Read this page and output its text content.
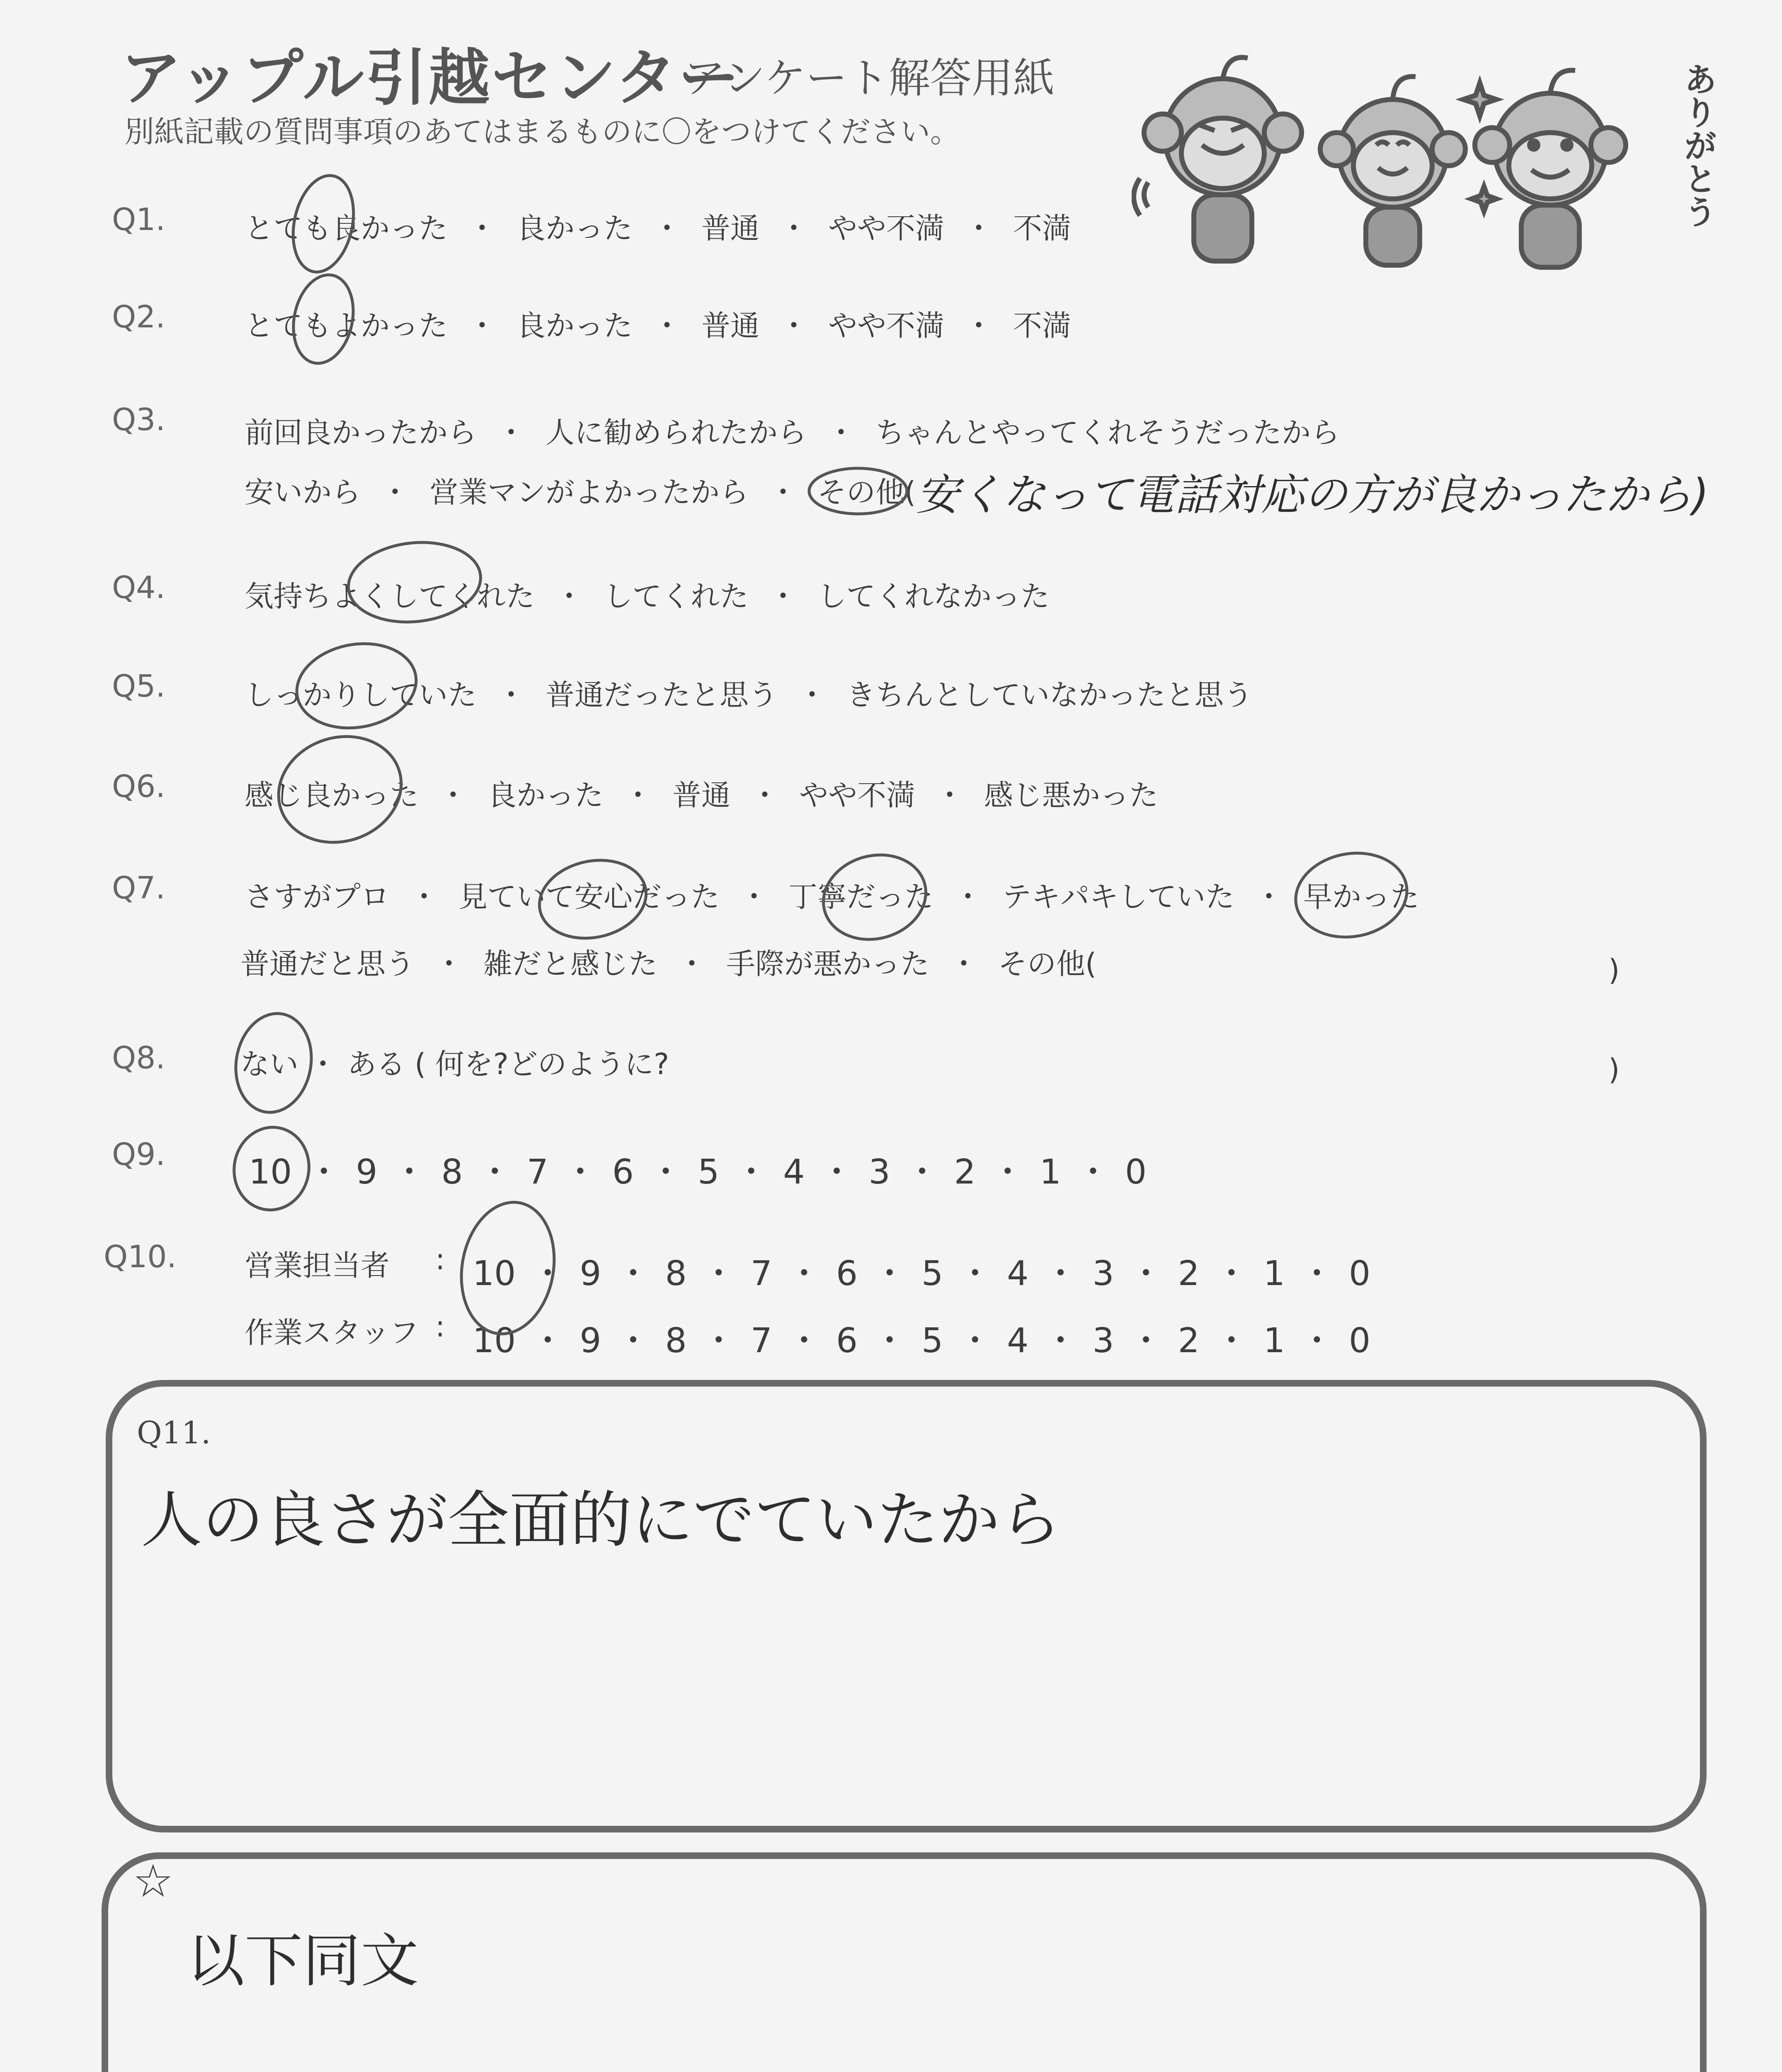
アップル引越センター
アンケート解答用紙
別紙記載の質問事項のあてはまるものに〇をつけてください。	ありがとう
Q1.	とても良かった ・ 良かった ・ 普通 ・ やや不満 ・ 不満
Q2.	とてもよかった ・ 良かった ・ 普通 ・ やや不満 ・ 不満
Q3.	前回良かったから ・ 人に勧められたから ・ ちゃんとやってくれそうだったから
安いから ・ 営業マンがよかったから ・ その他( 安くなって電話対応の方が良かったから)
Q4.	気持ちよくしてくれた ・ してくれた ・ してくれなかった
Q5.	しっかりしていた ・ 普通だったと思う ・ きちんとしていなかったと思う
Q6.	感じ良かった ・ 良かった ・ 普通 ・ やや不満 ・ 感じ悪かった
Q7.	さすがプロ ・ 見ていて安心だった ・ 丁寧だった ・ テキパキしていた ・ 早かった
普通だと思う ・ 雑だと感じた ・ 手際が悪かった ・ その他(	)
Q8.	ない ・ ある ( 何を?どのように?	)
Q9. 10 ・ 9 ・ 8 ・ 7 ・ 6 ・ 5 ・ 4 ・ 3 ・ 2 ・ 1 ・ 0
Q10. 営業担当者 : 10 ・ 9 ・ 8 ・ 7 ・ 6 ・ 5 ・ 4 ・ 3 ・ 2 ・ 1 ・ 0
作業スタッフ : 10 ・ 9 ・ 8 ・ 7 ・ 6 ・ 5 ・ 4 ・ 3 ・ 2 ・ 1 ・ 0
Q11.
人の良さが全面的にでていたから
☆
以下同文
